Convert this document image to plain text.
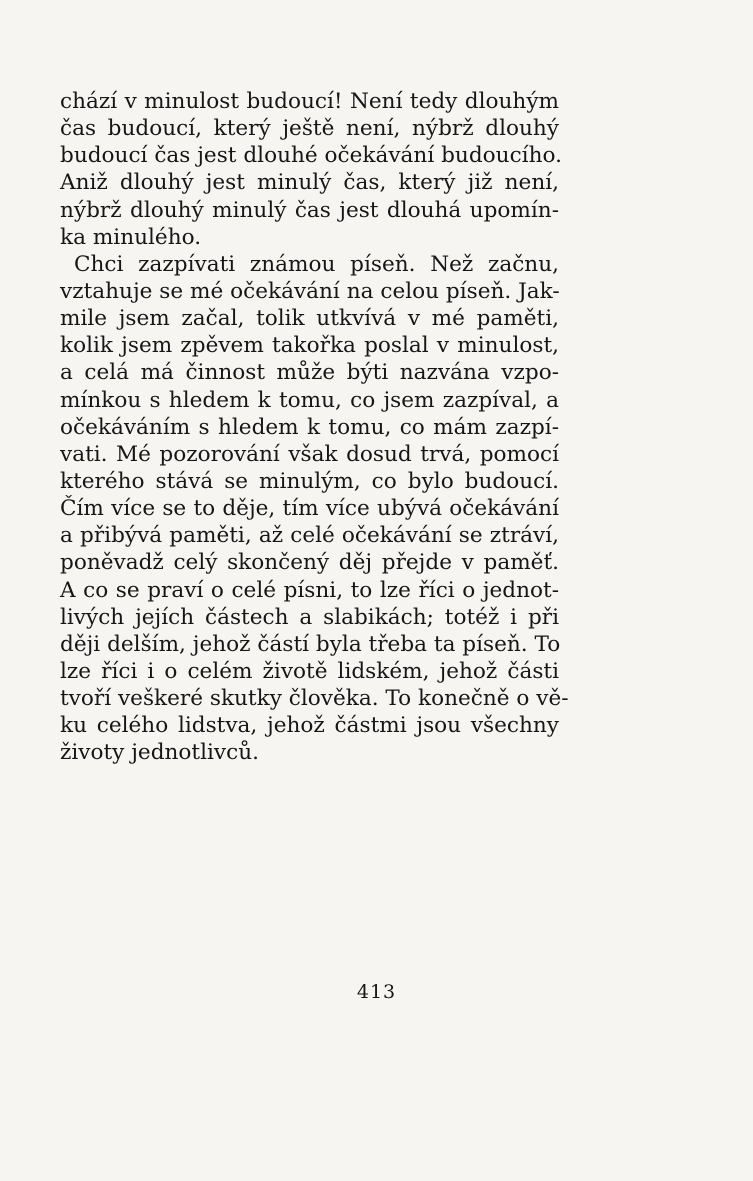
chází v minulost budoucí! Není tedy dlouhým
čas budoucí, který ještě není, nýbrž dlouhý
budoucí čas jest dlouhé očekávání budoucího.
Aniž dlouhý jest minulý čas, který již není,
nýbrž dlouhý minulý čas jest dlouhá upomín-
ka minulého.
Chci zazpívati známou píseň. Než začnu,
vztahuje se mé očekávání na celou píseň. Jak-
mile jsem začal, tolik utkvívá v mé paměti,
kolik jsem zpěvem takořka poslal v minulost,
a celá má činnost může býti nazvána vzpo-
mínkou s hledem k tomu, co jsem zazpíval, a
očekáváním s hledem k tomu, co mám zazpí-
vati. Mé pozorování však dosud trvá, pomocí
kterého stává se minulým, co bylo budoucí.
Čím více se to děje, tím více ubývá očekávání
a přibývá paměti, až celé očekávání se ztráví,
poněvadž celý skončený děj přejde v paměť.
A co se praví o celé písni, to lze říci o jednot-
livých jejích částech a slabikách; totéž i při
ději delším, jehož částí byla třeba ta píseň. To
lze říci i o celém životě lidském, jehož části
tvoří veškeré skutky člověka. To konečně o vě-
ku celého lidstva, jehož částmi jsou všechny
životy jednotlivců.
413
